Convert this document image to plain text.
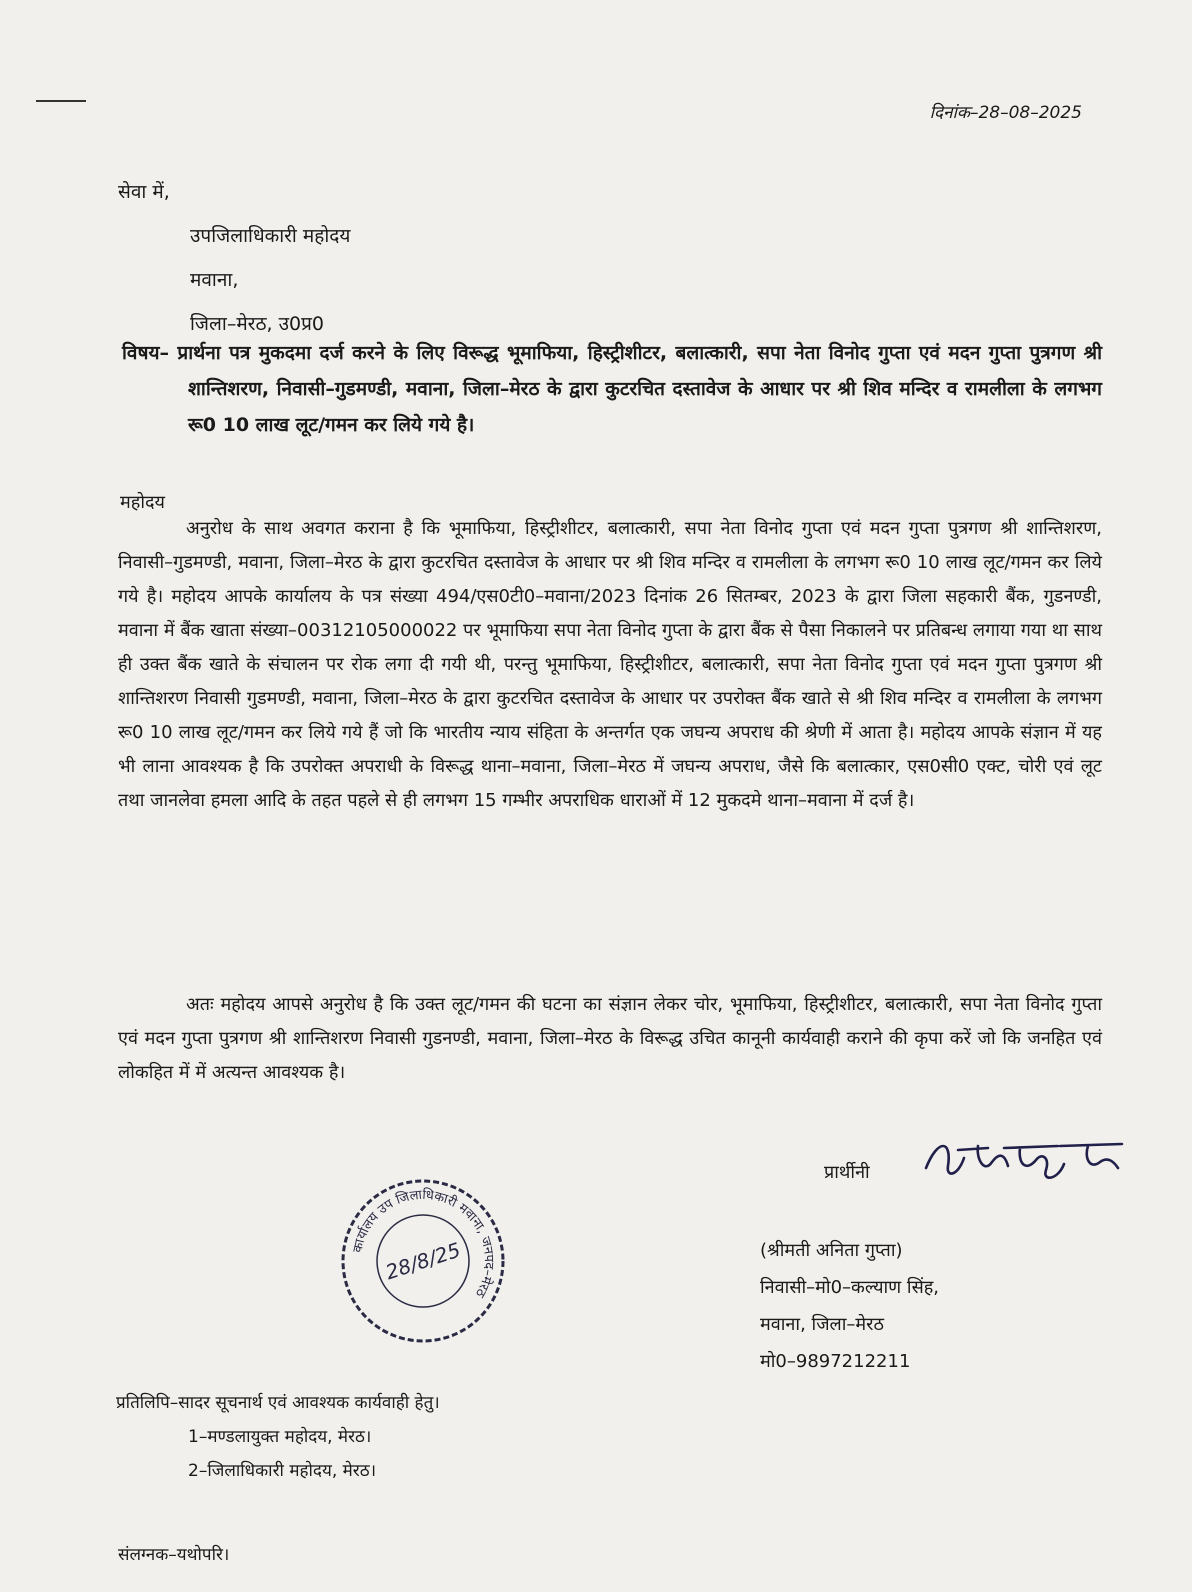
दिनांक–28–08–2025
सेवा में,
उपजिलाधिकारी महोदय
मवाना,
जिला–मेरठ, उ0प्र0
विषय– प्रार्थना पत्र मुकदमा दर्ज करने के लिए विरूद्ध भूमाफिया, हिस्ट्रीशीटर, बलात्कारी, सपा नेता विनोद गुप्ता एवं मदन गुप्ता पुत्रगण श्री शान्तिशरण, निवासी–गुडमण्डी, मवाना, जिला–मेरठ के द्वारा कुटरचित दस्तावेज के आधार पर श्री शिव मन्दिर व रामलीला के लगभग रू0 10 लाख लूट/गमन कर लिये गये है।
महोदय
अनुरोध के साथ अवगत कराना है कि भूमाफिया, हिस्ट्रीशीटर, बलात्कारी, सपा नेता विनोद गुप्ता एवं मदन गुप्ता पुत्रगण श्री शान्तिशरण, निवासी–गुडमण्डी, मवाना, जिला–मेरठ के द्वारा कुटरचित दस्तावेज के आधार पर श्री शिव मन्दिर व रामलीला के लगभग रू0 10 लाख लूट/गमन कर लिये गये है। महोदय आपके कार्यालय के पत्र संख्या 494/एस0टी0–मवाना/2023 दिनांक 26 सितम्बर, 2023 के द्वारा जिला सहकारी बैंक, गुडनण्डी, मवाना में बैंक खाता संख्या–00312105000022 पर भूमाफिया सपा नेता विनोद गुप्ता के द्वारा बैंक से पैसा निकालने पर प्रतिबन्ध लगाया गया था साथ ही उक्त बैंक खाते के संचालन पर रोक लगा दी गयी थी, परन्तु भूमाफिया, हिस्ट्रीशीटर, बलात्कारी, सपा नेता विनोद गुप्ता एवं मदन गुप्ता पुत्रगण श्री शान्तिशरण निवासी गुडमण्डी, मवाना, जिला–मेरठ के द्वारा कुटरचित दस्तावेज के आधार पर उपरोक्त बैंक खाते से श्री शिव मन्दिर व रामलीला के लगभग रू0 10 लाख लूट/गमन कर लिये गये हैं जो कि भारतीय न्याय संहिता के अन्तर्गत एक जघन्य अपराध की श्रेणी में आता है। महोदय आपके संज्ञान में यह भी लाना आवश्यक है कि उपरोक्त अपराधी के विरूद्ध थाना–मवाना, जिला–मेरठ में जघन्य अपराध, जैसे कि बलात्कार, एस0सी0 एक्ट, चोरी एवं लूट तथा जानलेवा हमला आदि के तहत पहले से ही लगभग 15 गम्भीर अपराधिक धाराओं में 12 मुकदमे थाना–मवाना में दर्ज है।
अतः महोदय आपसे अनुरोध है कि उक्त लूट/गमन की घटना का संज्ञान लेकर चोर, भूमाफिया, हिस्ट्रीशीटर, बलात्कारी, सपा नेता विनोद गुप्ता एवं मदन गुप्ता पुत्रगण श्री शान्तिशरण निवासी गुडनण्डी, मवाना, जिला–मेरठ के विरूद्ध उचित कानूनी कार्यवाही कराने की कृपा करें जो कि जनहित एवं लोकहित में में अत्यन्त आवश्यक है।
प्रार्थीनी
(श्रीमती अनिता गुप्ता)
निवासी–मो0–कल्याण सिंह,
मवाना, जिला–मेरठ
मो0–9897212211
कार्यालय उप जिलाधिकारी मवाना, जनपद–मेरठ
28/8/25
प्रतिलिपि–सादर सूचनार्थ एवं आवश्यक कार्यवाही हेतु।
1–मण्डलायुक्त महोदय, मेरठ।
2–जिलाधिकारी महोदय, मेरठ।
संलग्नक–यथोपरि।
